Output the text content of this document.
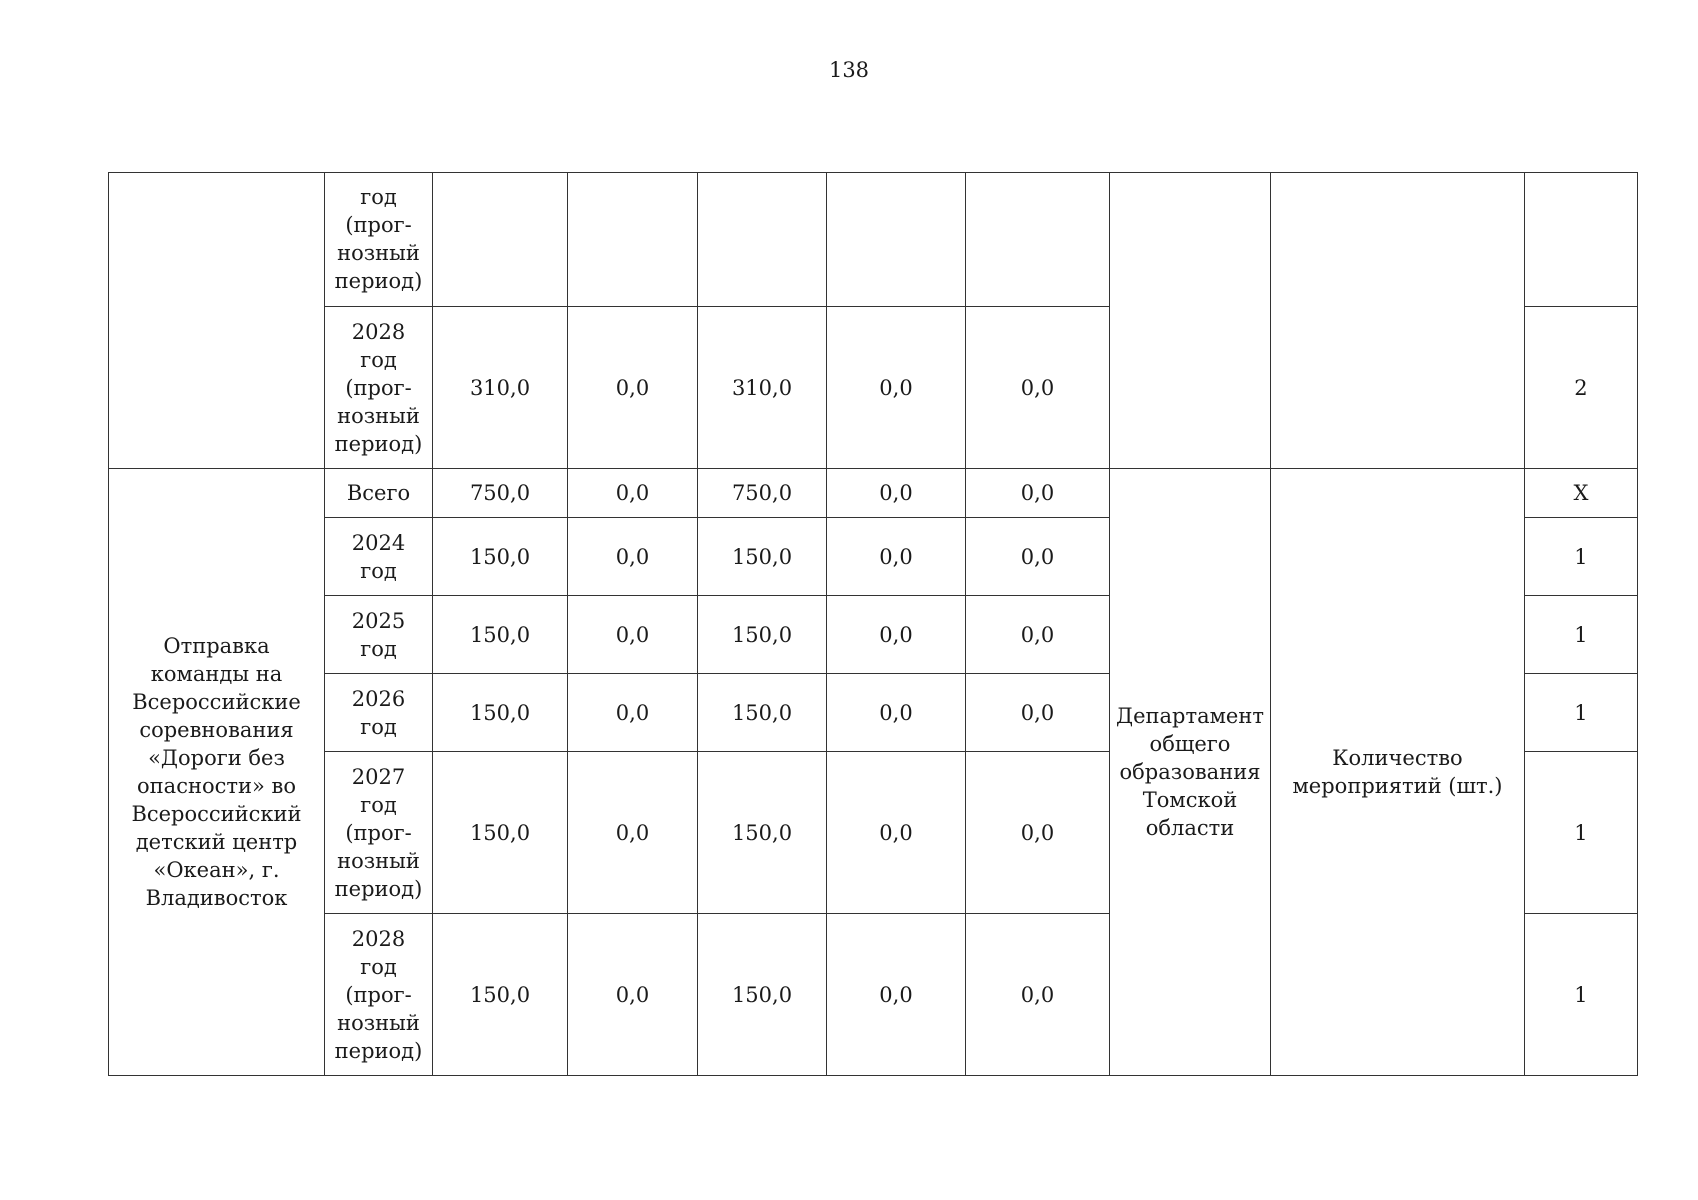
138
	год (прог-нозный период)								
	2028 год (прог-нозный период)	310,0	0,0	310,0	0,0	0,0			2
Отправка команды на Всероссийские соревнования «Дороги без опасности» во Всероссийский детский центр «Океан», г. Владивосток	Всего	750,0	0,0	750,0	0,0	0,0	Департамент общего образования Томской области	Количество мероприятий (шт.)	Х
	2024 год	150,0	0,0	150,0	0,0	0,0			1
	2025 год	150,0	0,0	150,0	0,0	0,0			1
	2026 год	150,0	0,0	150,0	0,0	0,0			1
	2027 год (прог-нозный период)	150,0	0,0	150,0	0,0	0,0			1
	2028 год (прог-нозный период)	150,0	0,0	150,0	0,0	0,0			1
